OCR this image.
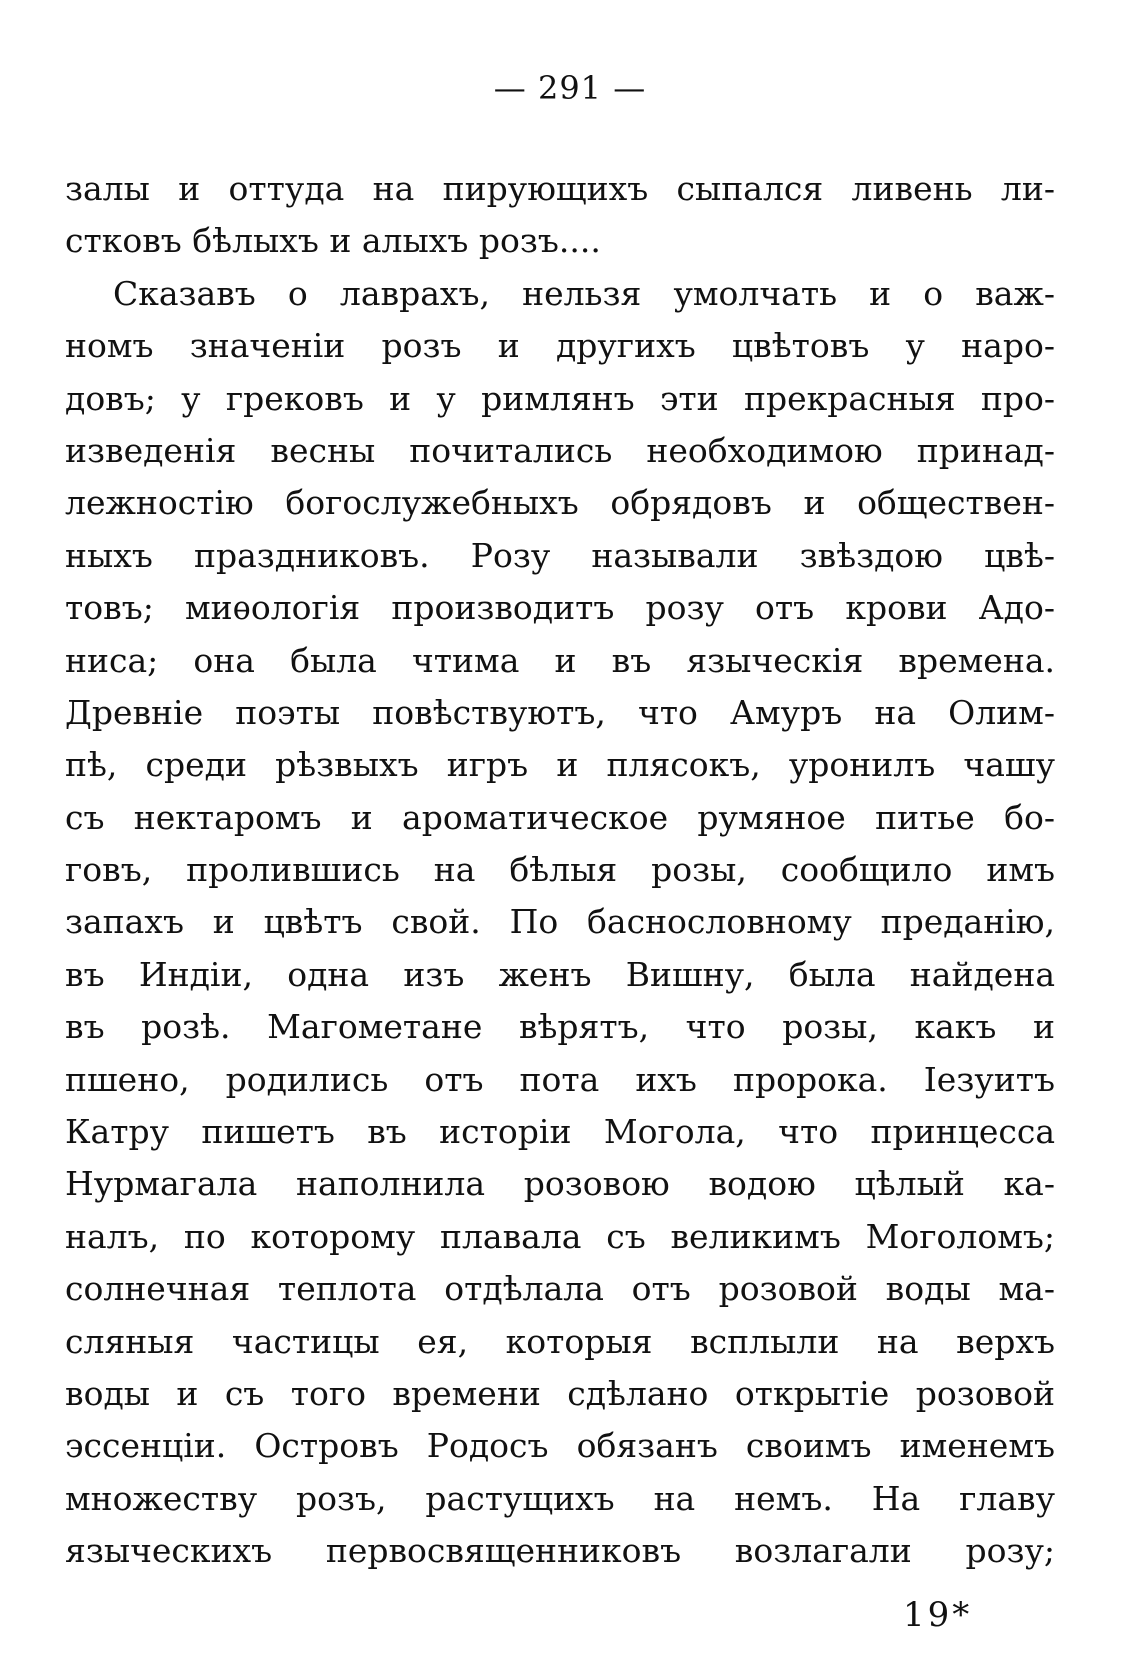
— 291 —
залы и оттуда на пирующихъ сыпался ливень ли-
стковъ бѣлыхъ и алыхъ розъ....
Сказавъ о лаврахъ, нельзя умолчать и о важ-
номъ значенiи розъ и другихъ цвѣтовъ у наро-
довъ; у грековъ и у римлянъ эти прекрасныя про-
изведенiя весны почитались необходимою принад-
лежностiю богослужебныхъ обрядовъ и обществен-
ныхъ праздниковъ. Розу называли звѣздою цвѣ-
товъ; миѳологiя производитъ розу отъ крови Адо-
ниса; она была чтима и въ языческiя времена.
Древнiе поэты повѣствуютъ, что Амуръ на Олим-
пѣ, среди рѣзвыхъ игръ и плясокъ, уронилъ чашу
съ нектаромъ и ароматическое румяное питье бо-
говъ, пролившись на бѣлыя розы, сообщило имъ
запахъ и цвѣтъ свой. По баснословному преданiю,
въ Индiи, одна изъ женъ Вишну, была найдена
въ розѣ. Магометане вѣрятъ, что розы, какъ и
пшено, родились отъ пота ихъ пророка. Iезуитъ
Катру пишетъ въ исторiи Могола, что принцесса
Нурмагала наполнила розовою водою цѣлый ка-
налъ, по которому плавала съ великимъ Моголомъ;
солнечная теплота отдѣлала отъ розовой воды ма-
сляныя частицы ея, которыя всплыли на верхъ
воды и съ того времени сдѣлано открытiе розовой
эссенцiи. Островъ Родосъ обязанъ своимъ именемъ
множеству розъ, растущихъ на немъ. На главу
языческихъ первосвященниковъ возлагали розу;
19*
